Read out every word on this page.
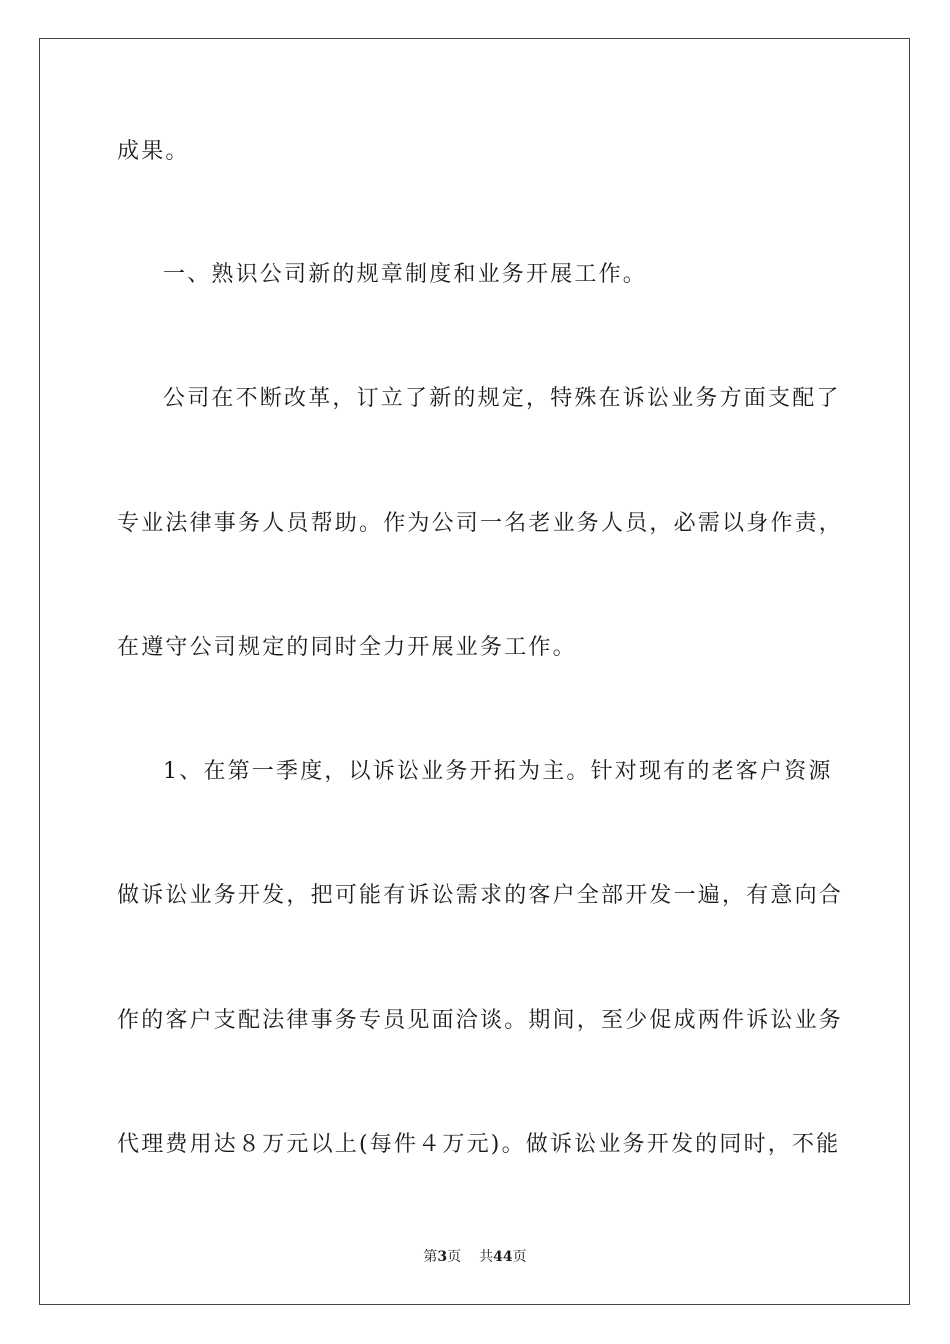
成果。
一、熟识公司新的规章制度和业务开展工作。
公司在不断改革，订立了新的规定，特殊在诉讼业务方面支配了
专业法律事务人员帮助。作为公司一名老业务人员，必需以身作责，
在遵守公司规定的同时全力开展业务工作。
1、在第一季度，以诉讼业务开拓为主。针对现有的老客户资源
做诉讼业务开发，把可能有诉讼需求的客户全部开发一遍，有意向合
作的客户支配法律事务专员见面洽谈。期间，至少促成两件诉讼业务
代理费用达８万元以上(每件４万元)。做诉讼业务开发的同时，不能
第3页 共44页
